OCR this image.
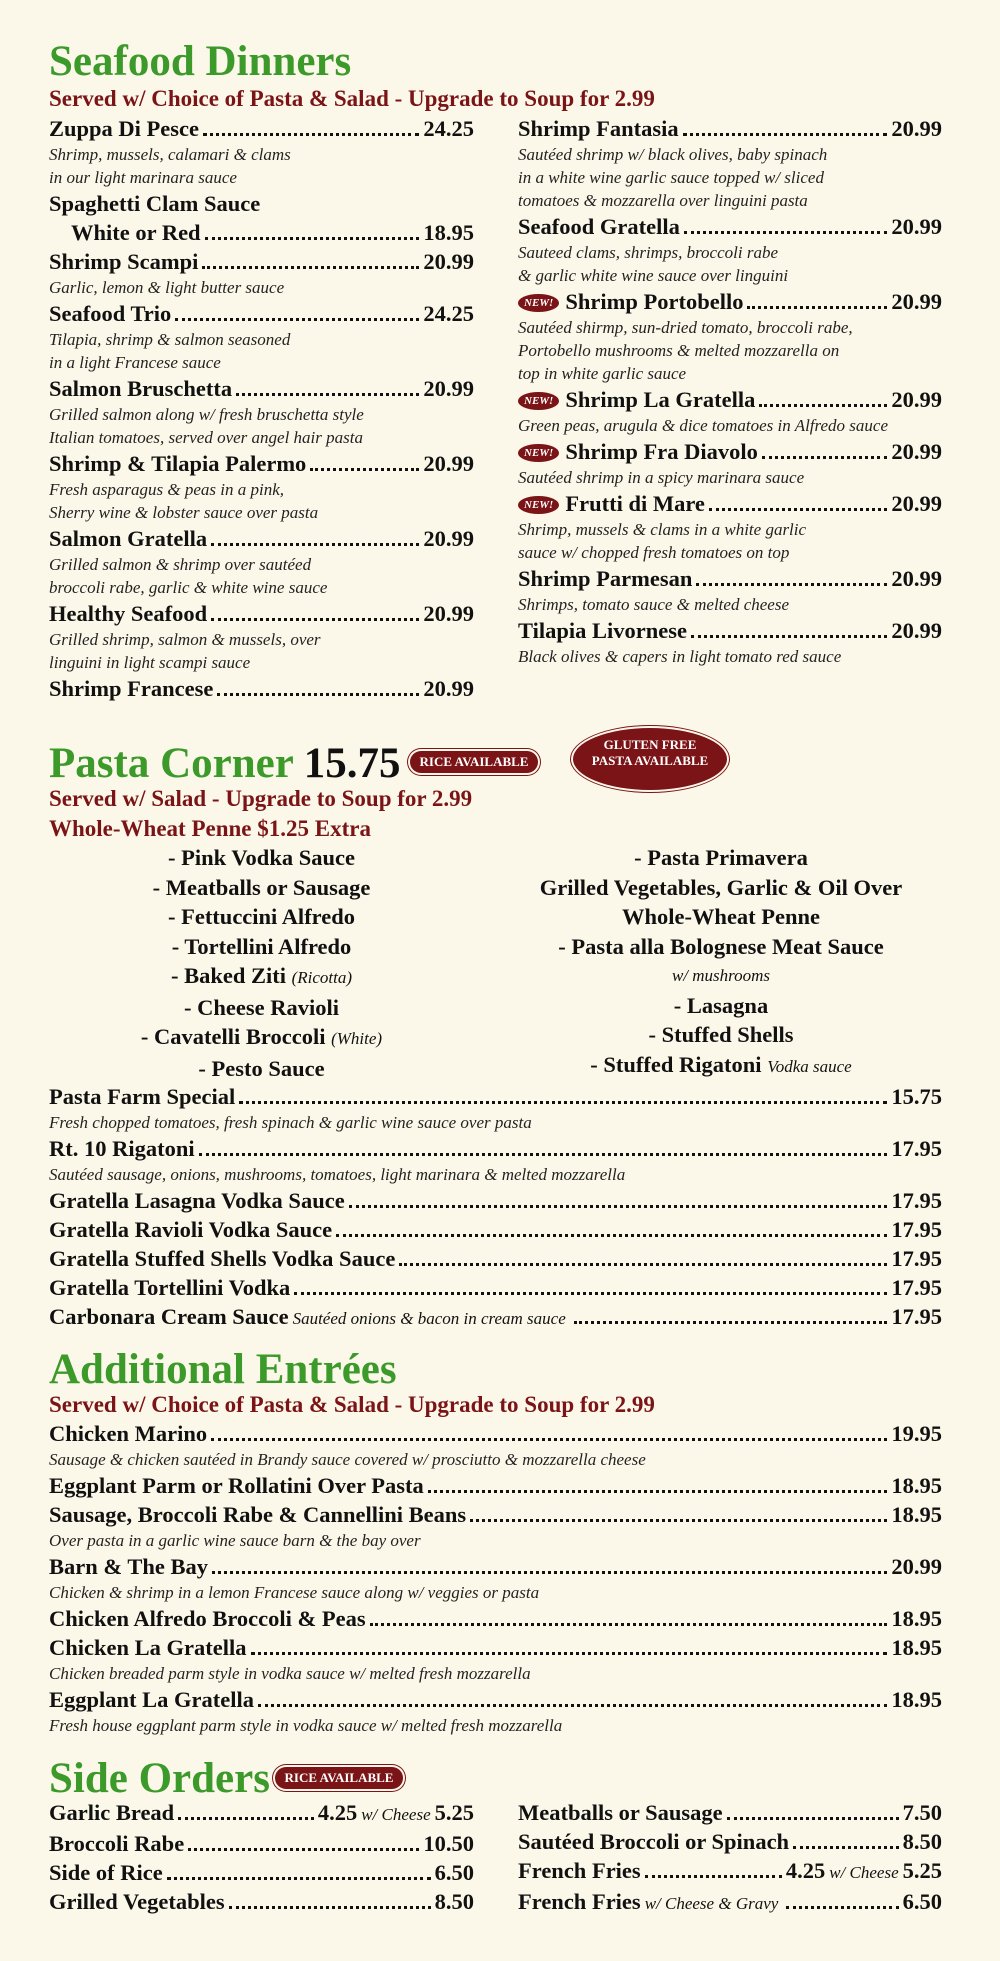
Seafood Dinners
Served w/ Choice of Pasta & Salad - Upgrade to Soup for 2.99
Zuppa Di Pesce	24.25
Shrimp, mussels, calamari & clams
in our light marinara sauce
Spaghetti Clam Sauce
White or Red	18.95
Shrimp Scampi	20.99
Garlic, lemon & light butter sauce
Seafood Trio	24.25
Tilapia, shrimp & salmon seasoned
in a light Francese sauce
Salmon Bruschetta	20.99
Grilled salmon along w/ fresh bruschetta style
Italian tomatoes, served over angel hair pasta
Shrimp & Tilapia Palermo	20.99
Fresh asparagus & peas in a pink,
Sherry wine & lobster sauce over pasta
Salmon Gratella	20.99
Grilled salmon & shrimp over sautéed
broccoli rabe, garlic & white wine sauce
Healthy Seafood	20.99
Grilled shrimp, salmon & mussels, over
linguini in light scampi sauce
Shrimp Francese	20.99
Shrimp Fantasia	20.99
Sautéed shrimp w/ black olives, baby spinach
in a white wine garlic sauce topped w/ sliced
tomatoes & mozzarella over linguini pasta
Seafood Gratella	20.99
Sauteed clams, shrimps, broccoli rabe
& garlic white wine sauce over linguini
NEW! Shrimp Portobello	20.99
Sautéed shirmp, sun-dried tomato, broccoli rabe,
Portobello mushrooms & melted mozzarella on
top in white garlic sauce
NEW! Shrimp La Gratella	20.99
Green peas, arugula & dice tomatoes in Alfredo sauce
NEW! Shrimp Fra Diavolo	20.99
Sautéed shrimp in a spicy marinara sauce
NEW! Frutti di Mare	20.99
Shrimp, mussels & clams in a white garlic
sauce w/ chopped fresh tomatoes on top
Shrimp Parmesan	20.99
Shrimps, tomato sauce & melted cheese
Tilapia Livornese	20.99
Black olives & capers in light tomato red sauce
Pasta Corner 15.75	RICE AVAILABLE
GLUTEN FREE
PASTA AVAILABLE
Served w/ Salad - Upgrade to Soup for 2.99
Whole-Wheat Penne $1.25 Extra
- Pink Vodka Sauce
- Meatballs or Sausage
- Fettuccini Alfredo
- Tortellini Alfredo
- Baked Ziti (Ricotta)
- Cheese Ravioli
- Cavatelli Broccoli (White)
- Pesto Sauce
- Pasta Primavera
Grilled Vegetables, Garlic & Oil Over
Whole-Wheat Penne
- Pasta alla Bolognese Meat Sauce
w/ mushrooms
- Lasagna
- Stuffed Shells
- Stuffed Rigatoni Vodka sauce
Pasta Farm Special	15.75
Fresh chopped tomatoes, fresh spinach & garlic wine sauce over pasta
Rt. 10 Rigatoni	17.95
Sautéed sausage, onions, mushrooms, tomatoes, light marinara & melted mozzarella
Gratella Lasagna Vodka Sauce	17.95
Gratella Ravioli Vodka Sauce	17.95
Gratella Stuffed Shells Vodka Sauce	17.95
Gratella Tortellini Vodka	17.95
Carbonara Cream Sauce Sautéed onions & bacon in cream sauce	17.95
Additional Entrées
Served w/ Choice of Pasta & Salad - Upgrade to Soup for 2.99
Chicken Marino	19.95
Sausage & chicken sautéed in Brandy sauce covered w/ prosciutto & mozzarella cheese
Eggplant Parm or Rollatini Over Pasta	18.95
Sausage, Broccoli Rabe & Cannellini Beans	18.95
Over pasta in a garlic wine sauce barn & the bay over
Barn & The Bay	20.99
Chicken & shrimp in a lemon Francese sauce along w/ veggies or pasta
Chicken Alfredo Broccoli & Peas	18.95
Chicken La Gratella	18.95
Chicken breaded parm style in vodka sauce w/ melted fresh mozzarella
Eggplant La Gratella	18.95
Fresh house eggplant parm style in vodka sauce w/ melted fresh mozzarella
Side Orders	RICE AVAILABLE
Garlic Bread	4.25 w/ Cheese 5.25
Broccoli Rabe	10.50
Side of Rice	6.50
Grilled Vegetables	8.50
Meatballs or Sausage	7.50
Sautéed Broccoli or Spinach	8.50
French Fries	4.25 w/ Cheese 5.25
French Fries w/ Cheese & Gravy	6.50
